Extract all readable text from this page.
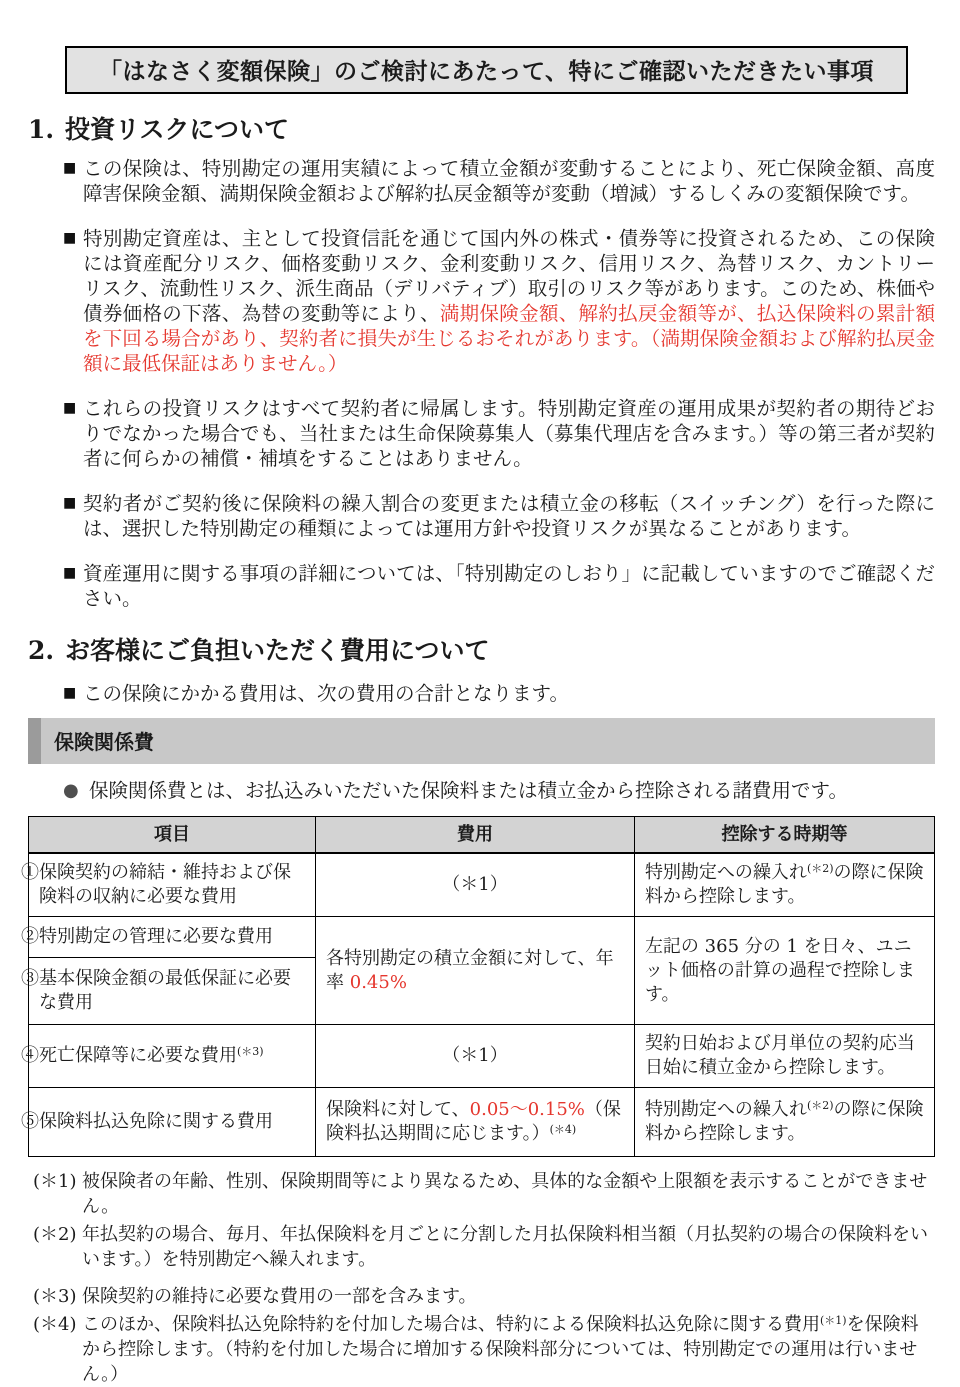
「はなさく変額保険」のご検討にあたって、特にご確認いただきたい事項
1. 投資リスクについて
■ この保険は、特別勘定の運用実績によって積立金額が変動することにより、死亡保険金額、高度障害保険金額、満期保険金額および解約払戻金額等が変動（増減）するしくみの変額保険です。
■ 特別勘定資産は、主として投資信託を通じて国内外の株式・債券等に投資されるため、この保険には資産配分リスク、価格変動リスク、金利変動リスク、信用リスク、為替リスク、カントリーリスク、流動性リスク、派生商品（デリバティブ）取引のリスク等があります。このため、株価や債券価格の下落、為替の変動等により、満期保険金額、解約払戻金額等が、払込保険料の累計額を下回る場合があり、契約者に損失が生じるおそれがあります。（満期保険金額および解約払戻金額に最低保証はありません。）
■ これらの投資リスクはすべて契約者に帰属します。特別勘定資産の運用成果が契約者の期待どおりでなかった場合でも、当社または生命保険募集人（募集代理店を含みます。）等の第三者が契約者に何らかの補償・補填をすることはありません。
■ 契約者がご契約後に保険料の繰入割合の変更または積立金の移転（スイッチング）を行った際には、選択した特別勘定の種類によっては運用方針や投資リスクが異なることがあります。
■ 資産運用に関する事項の詳細については、「特別勘定のしおり」に記載していますのでご確認ください。
2. お客様にご負担いただく費用について
■ この保険にかかる費用は、次の費用の合計となります。
保険関係費
● 保険関係費とは、お払込みいただいた保険料または積立金から控除される諸費用です。
項目	費用	控除する時期等
①保険契約の締結・維持および保険料の収納に必要な費用	（＊1）	特別勘定への繰入れ$^{(*2)}$の際に保険料から控除します。
②特別勘定の管理に必要な費用	各特別勘定の積立金額に対して、年率 0.45%	左記の 365 分の 1 を日々、ユニット価格の計算の過程で控除します。
③基本保険金額の最低保証に必要な費用		
④死亡保障等に必要な費用$^{(*3)}$	（＊1）	契約日始および月単位の契約応当日始に積立金から控除します。
⑤保険料払込免除に関する費用	保険料に対して、0.05～0.15%（保険料払込期間に応じます。）$^{(*4)}$	特別勘定への繰入れ$^{(*2)}$の際に保険料から控除します。
(＊1) 被保険者の年齢、性別、保険期間等により異なるため、具体的な金額や上限額を表示することができません。
(＊2) 年払契約の場合、毎月、年払保険料を月ごとに分割した月払保険料相当額（月払契約の場合の保険料をいいます。）を特別勘定へ繰入れます。
(＊3) 保険契約の維持に必要な費用の一部を含みます。
(＊4) このほか、保険料払込免除特約を付加した場合は、特約による保険料払込免除に関する費用$^{(*1)}$を保険料から控除します。（特約を付加した場合に増加する保険料部分については、特別勘定での運用は行いません。）
